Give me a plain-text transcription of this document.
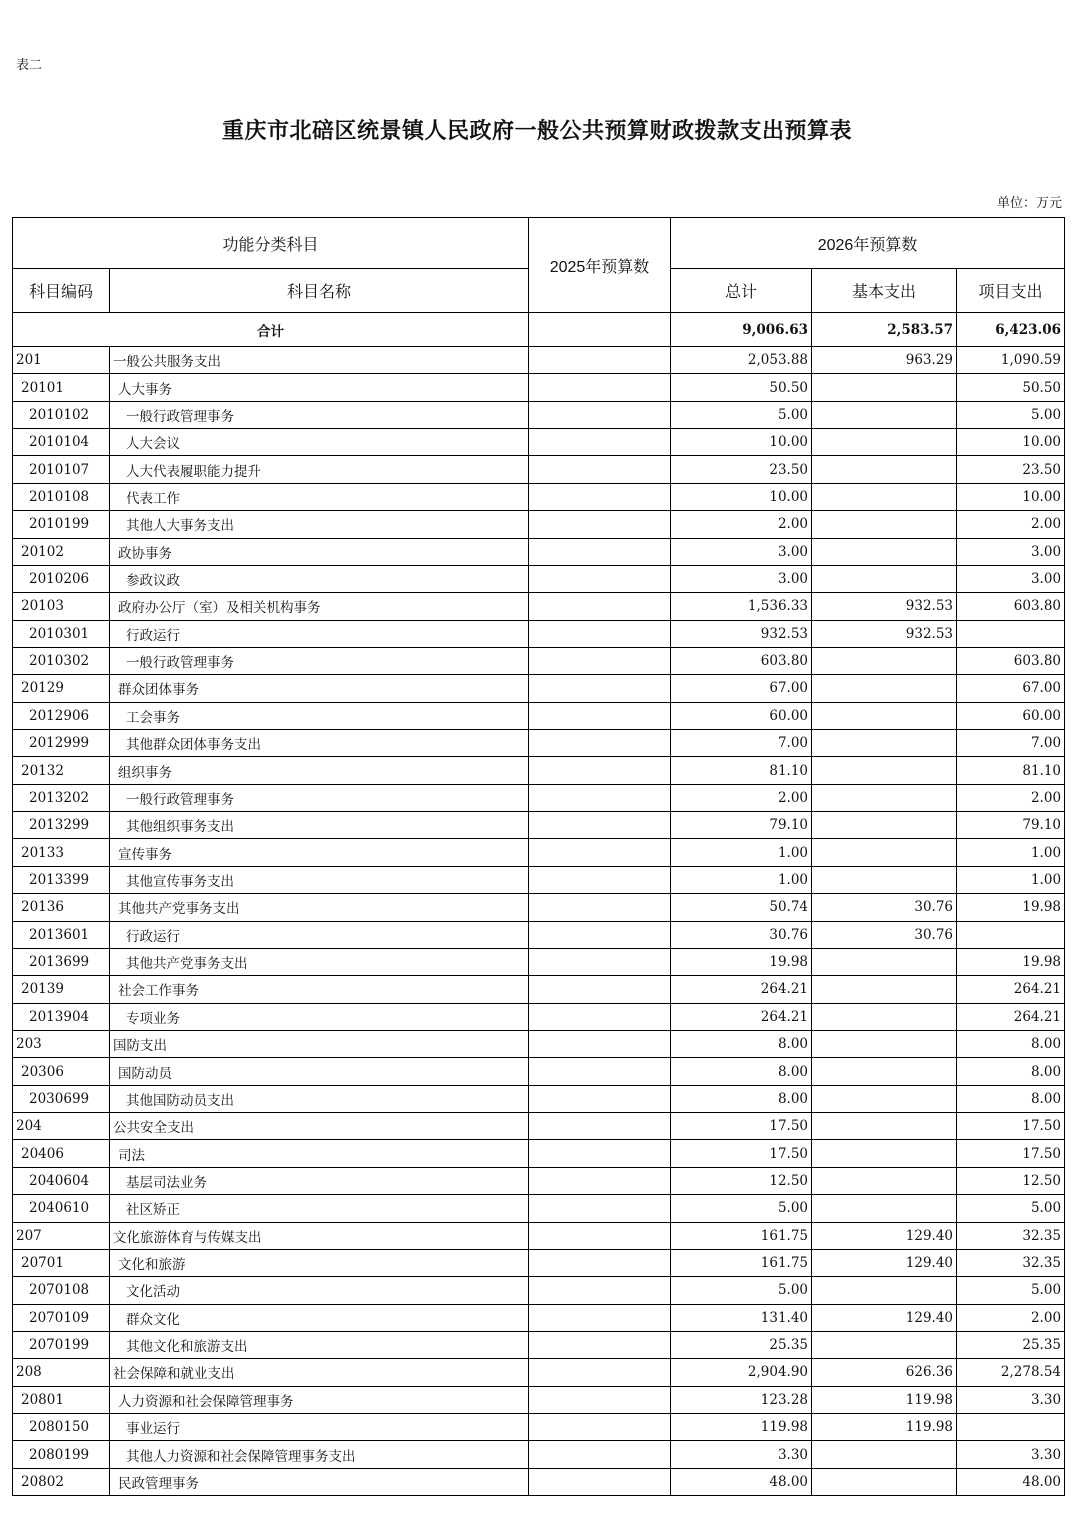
表二
重庆市北碚区统景镇人民政府一般公共预算财政拨款支出预算表
单位：万元
功能分类科目		2025年预算数	2026年预算数		
科目编码	科目名称		总计	基本支出	项目支出
合计			9,006.63	2,583.57	6,423.06
201	一般公共服务支出		2,053.88	963.29	1,090.59
20101	人大事务		50.50		50.50
2010102	一般行政管理事务		5.00		5.00
2010104	人大会议		10.00		10.00
2010107	人大代表履职能力提升		23.50		23.50
2010108	代表工作		10.00		10.00
2010199	其他人大事务支出		2.00		2.00
20102	政协事务		3.00		3.00
2010206	参政议政		3.00		3.00
20103	政府办公厅（室）及相关机构事务		1,536.33	932.53	603.80
2010301	行政运行		932.53	932.53	
2010302	一般行政管理事务		603.80		603.80
20129	群众团体事务		67.00		67.00
2012906	工会事务		60.00		60.00
2012999	其他群众团体事务支出		7.00		7.00
20132	组织事务		81.10		81.10
2013202	一般行政管理事务		2.00		2.00
2013299	其他组织事务支出		79.10		79.10
20133	宣传事务		1.00		1.00
2013399	其他宣传事务支出		1.00		1.00
20136	其他共产党事务支出		50.74	30.76	19.98
2013601	行政运行		30.76	30.76	
2013699	其他共产党事务支出		19.98		19.98
20139	社会工作事务		264.21		264.21
2013904	专项业务		264.21		264.21
203	国防支出		8.00		8.00
20306	国防动员		8.00		8.00
2030699	其他国防动员支出		8.00		8.00
204	公共安全支出		17.50		17.50
20406	司法		17.50		17.50
2040604	基层司法业务		12.50		12.50
2040610	社区矫正		5.00		5.00
207	文化旅游体育与传媒支出		161.75	129.40	32.35
20701	文化和旅游		161.75	129.40	32.35
2070108	文化活动		5.00		5.00
2070109	群众文化		131.40	129.40	2.00
2070199	其他文化和旅游支出		25.35		25.35
208	社会保障和就业支出		2,904.90	626.36	2,278.54
20801	人力资源和社会保障管理事务		123.28	119.98	3.30
2080150	事业运行		119.98	119.98	
2080199	其他人力资源和社会保障管理事务支出		3.30		3.30
20802	民政管理事务		48.00		48.00
